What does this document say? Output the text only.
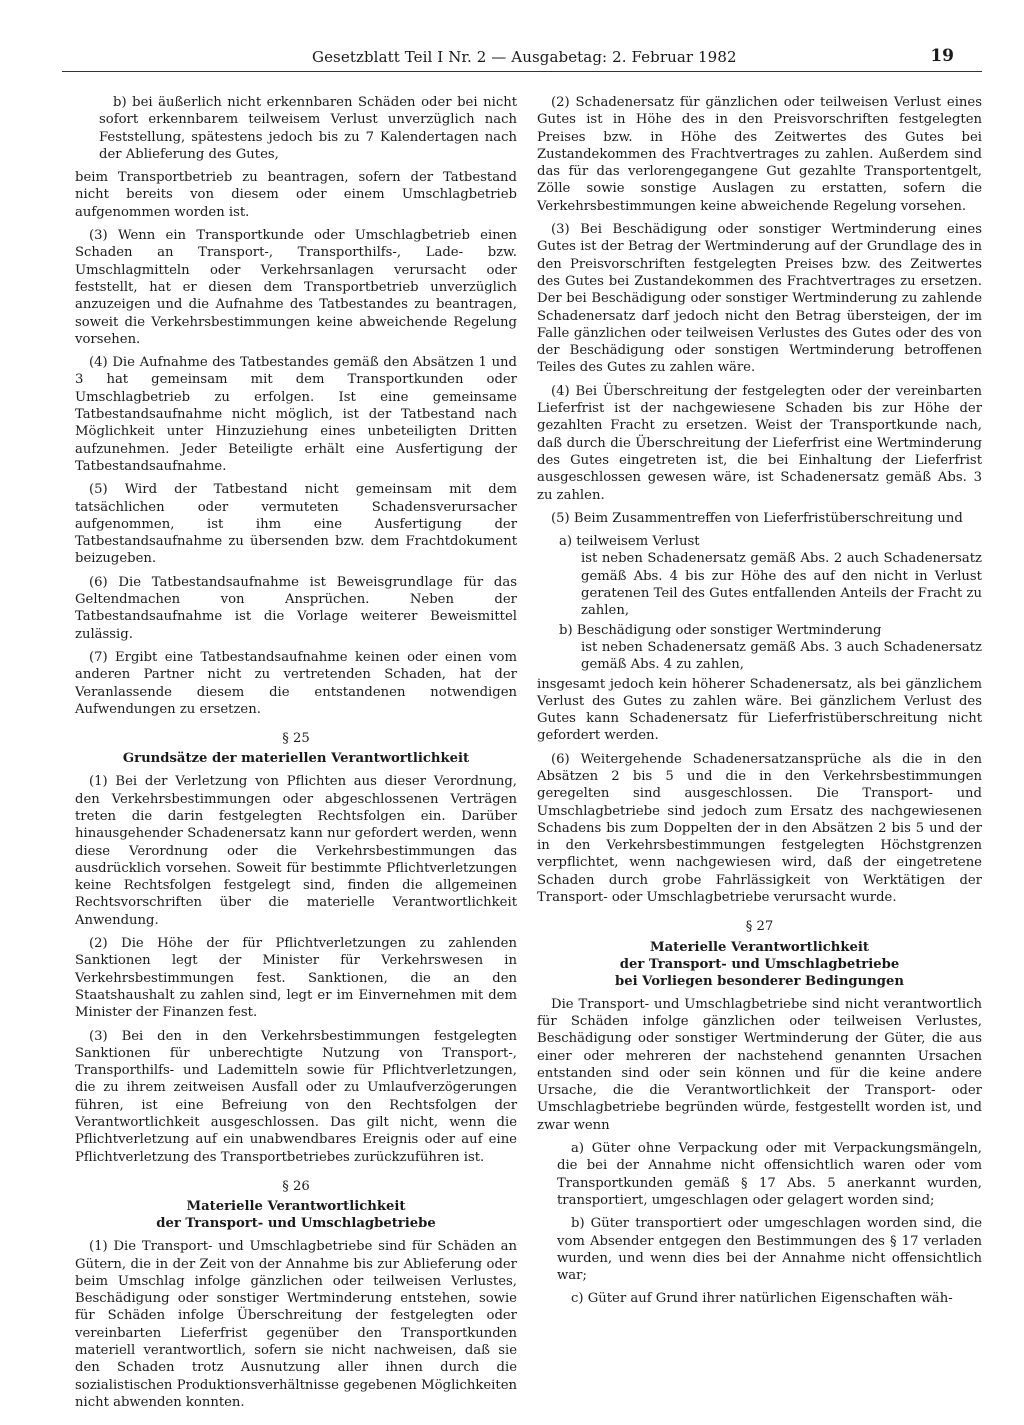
Gesetzblatt Teil I Nr. 2 — Ausgabetag: 2. Februar 1982	19

b) bei äußerlich nicht erkennbaren Schäden oder bei nicht sofort erkennbarem teilweisem Verlust unverzüglich nach Feststellung, spätestens jedoch bis zu 7 Kalendertagen nach der Ablieferung des Gutes,

beim Transportbetrieb zu beantragen, sofern der Tatbestand nicht bereits von diesem oder einem Umschlagbetrieb aufgenommen worden ist.

(3) Wenn ein Transportkunde oder Umschlagbetrieb einen Schaden an Transport-, Transporthilfs-, Lade- bzw. Umschlagmitteln oder Verkehrsanlagen verursacht oder feststellt, hat er diesen dem Transportbetrieb unverzüglich anzuzeigen und die Aufnahme des Tatbestandes zu beantragen, soweit die Verkehrsbestimmungen keine abweichende Regelung vorsehen.

(4) Die Aufnahme des Tatbestandes gemäß den Absätzen 1 und 3 hat gemeinsam mit dem Transportkunden oder Umschlagbetrieb zu erfolgen. Ist eine gemeinsame Tatbestandsaufnahme nicht möglich, ist der Tatbestand nach Möglichkeit unter Hinzuziehung eines unbeteiligten Dritten aufzunehmen. Jeder Beteiligte erhält eine Ausfertigung der Tatbestandsaufnahme.

(5) Wird der Tatbestand nicht gemeinsam mit dem tatsächlichen oder vermuteten Schadensverursacher aufgenommen, ist ihm eine Ausfertigung der Tatbestandsaufnahme zu übersenden bzw. dem Frachtdokument beizugeben.

(6) Die Tatbestandsaufnahme ist Beweisgrundlage für das Geltendmachen von Ansprüchen. Neben der Tatbestandsaufnahme ist die Vorlage weiterer Beweismittel zulässig.

(7) Ergibt eine Tatbestandsaufnahme keinen oder einen vom anderen Partner nicht zu vertretenden Schaden, hat der Veranlassende diesem die entstandenen notwendigen Aufwendungen zu ersetzen.

§ 25
Grundsätze der materiellen Verantwortlichkeit

(1) Bei der Verletzung von Pflichten aus dieser Verordnung, den Verkehrsbestimmungen oder abgeschlossenen Verträgen treten die darin festgelegten Rechtsfolgen ein. Darüber hinausgehender Schadenersatz kann nur gefordert werden, wenn diese Verordnung oder die Verkehrsbestimmungen das ausdrücklich vorsehen. Soweit für bestimmte Pflichtverletzungen keine Rechtsfolgen festgelegt sind, finden die allgemeinen Rechtsvorschriften über die materielle Verantwortlichkeit Anwendung.

(2) Die Höhe der für Pflichtverletzungen zu zahlenden Sanktionen legt der Minister für Verkehrswesen in Verkehrsbestimmungen fest. Sanktionen, die an den Staatshaushalt zu zahlen sind, legt er im Einvernehmen mit dem Minister der Finanzen fest.

(3) Bei den in den Verkehrsbestimmungen festgelegten Sanktionen für unberechtigte Nutzung von Transport-, Transporthilfs- und Lademitteln sowie für Pflichtverletzungen, die zu ihrem zeitweisen Ausfall oder zu Umlaufverzögerungen führen, ist eine Befreiung von den Rechtsfolgen der Verantwortlichkeit ausgeschlossen. Das gilt nicht, wenn die Pflichtverletzung auf ein unabwendbares Ereignis oder auf eine Pflichtverletzung des Transportbetriebes zurückzuführen ist.

§ 26
Materielle Verantwortlichkeit
der Transport- und Umschlagbetriebe

(1) Die Transport- und Umschlagbetriebe sind für Schäden an Gütern, die in der Zeit von der Annahme bis zur Ablieferung oder beim Umschlag infolge gänzlichen oder teilweisen Verlustes, Beschädigung oder sonstiger Wertminderung entstehen, sowie für Schäden infolge Überschreitung der festgelegten oder vereinbarten Lieferfrist gegenüber den Transportkunden materiell verantwortlich, sofern sie nicht nachweisen, daß sie den Schaden trotz Ausnutzung aller ihnen durch die sozialistischen Produktionsverhältnisse gegebenen Möglichkeiten nicht abwenden konnten.

(2) Schadenersatz für gänzlichen oder teilweisen Verlust eines Gutes ist in Höhe des in den Preisvorschriften festgelegten Preises bzw. in Höhe des Zeitwertes des Gutes bei Zustandekommen des Frachtvertrages zu zahlen. Außerdem sind das für das verlorengegangene Gut gezahlte Transportentgelt, Zölle sowie sonstige Auslagen zu erstatten, sofern die Verkehrsbestimmungen keine abweichende Regelung vorsehen.

(3) Bei Beschädigung oder sonstiger Wertminderung eines Gutes ist der Betrag der Wertminderung auf der Grundlage des in den Preisvorschriften festgelegten Preises bzw. des Zeitwertes des Gutes bei Zustandekommen des Frachtvertrages zu ersetzen. Der bei Beschädigung oder sonstiger Wertminderung zu zahlende Schadenersatz darf jedoch nicht den Betrag übersteigen, der im Falle gänzlichen oder teilweisen Verlustes des Gutes oder des von der Beschädigung oder sonstigen Wertminderung betroffenen Teiles des Gutes zu zahlen wäre.

(4) Bei Überschreitung der festgelegten oder der vereinbarten Lieferfrist ist der nachgewiesene Schaden bis zur Höhe der gezahlten Fracht zu ersetzen. Weist der Transportkunde nach, daß durch die Überschreitung der Lieferfrist eine Wertminderung des Gutes eingetreten ist, die bei Einhaltung der Lieferfrist ausgeschlossen gewesen wäre, ist Schadenersatz gemäß Abs. 3 zu zahlen.

(5) Beim Zusammentreffen von Lieferfristüberschreitung und

a) teilweisem Verlust
ist neben Schadenersatz gemäß Abs. 2 auch Schadenersatz gemäß Abs. 4 bis zur Höhe des auf den nicht in Verlust geratenen Teil des Gutes entfallenden Anteils der Fracht zu zahlen,
b) Beschädigung oder sonstiger Wertminderung
ist neben Schadenersatz gemäß Abs. 3 auch Schadenersatz gemäß Abs. 4 zu zahlen,

insgesamt jedoch kein höherer Schadenersatz, als bei gänzlichem Verlust des Gutes zu zahlen wäre. Bei gänzlichem Verlust des Gutes kann Schadenersatz für Lieferfristüberschreitung nicht gefordert werden.

(6) Weitergehende Schadenersatzansprüche als die in den Absätzen 2 bis 5 und die in den Verkehrsbestimmungen geregelten sind ausgeschlossen. Die Transport- und Umschlagbetriebe sind jedoch zum Ersatz des nachgewiesenen Schadens bis zum Doppelten der in den Absätzen 2 bis 5 und der in den Verkehrsbestimmungen festgelegten Höchstgrenzen verpflichtet, wenn nachgewiesen wird, daß der eingetretene Schaden durch grobe Fahrlässigkeit von Werktätigen der Transport- oder Umschlagbetriebe verursacht wurde.

§ 27
Materielle Verantwortlichkeit
der Transport- und Umschlagbetriebe
bei Vorliegen besonderer Bedingungen

Die Transport- und Umschlagbetriebe sind nicht verantwortlich für Schäden infolge gänzlichen oder teilweisen Verlustes, Beschädigung oder sonstiger Wertminderung der Güter, die aus einer oder mehreren der nachstehend genannten Ursachen entstanden sind oder sein können und für die keine andere Ursache, die die Verantwortlichkeit der Transport- oder Umschlagbetriebe begründen würde, festgestellt worden ist, und zwar wenn

a) Güter ohne Verpackung oder mit Verpackungsmängeln, die bei der Annahme nicht offensichtlich waren oder vom Transportkunden gemäß § 17 Abs. 5 anerkannt wurden, transportiert, umgeschlagen oder gelagert worden sind;

b) Güter transportiert oder umgeschlagen worden sind, die vom Absender entgegen den Bestimmungen des § 17 verladen wurden, und wenn dies bei der Annahme nicht offensichtlich war;

c) Güter auf Grund ihrer natürlichen Eigenschaften wäh-
